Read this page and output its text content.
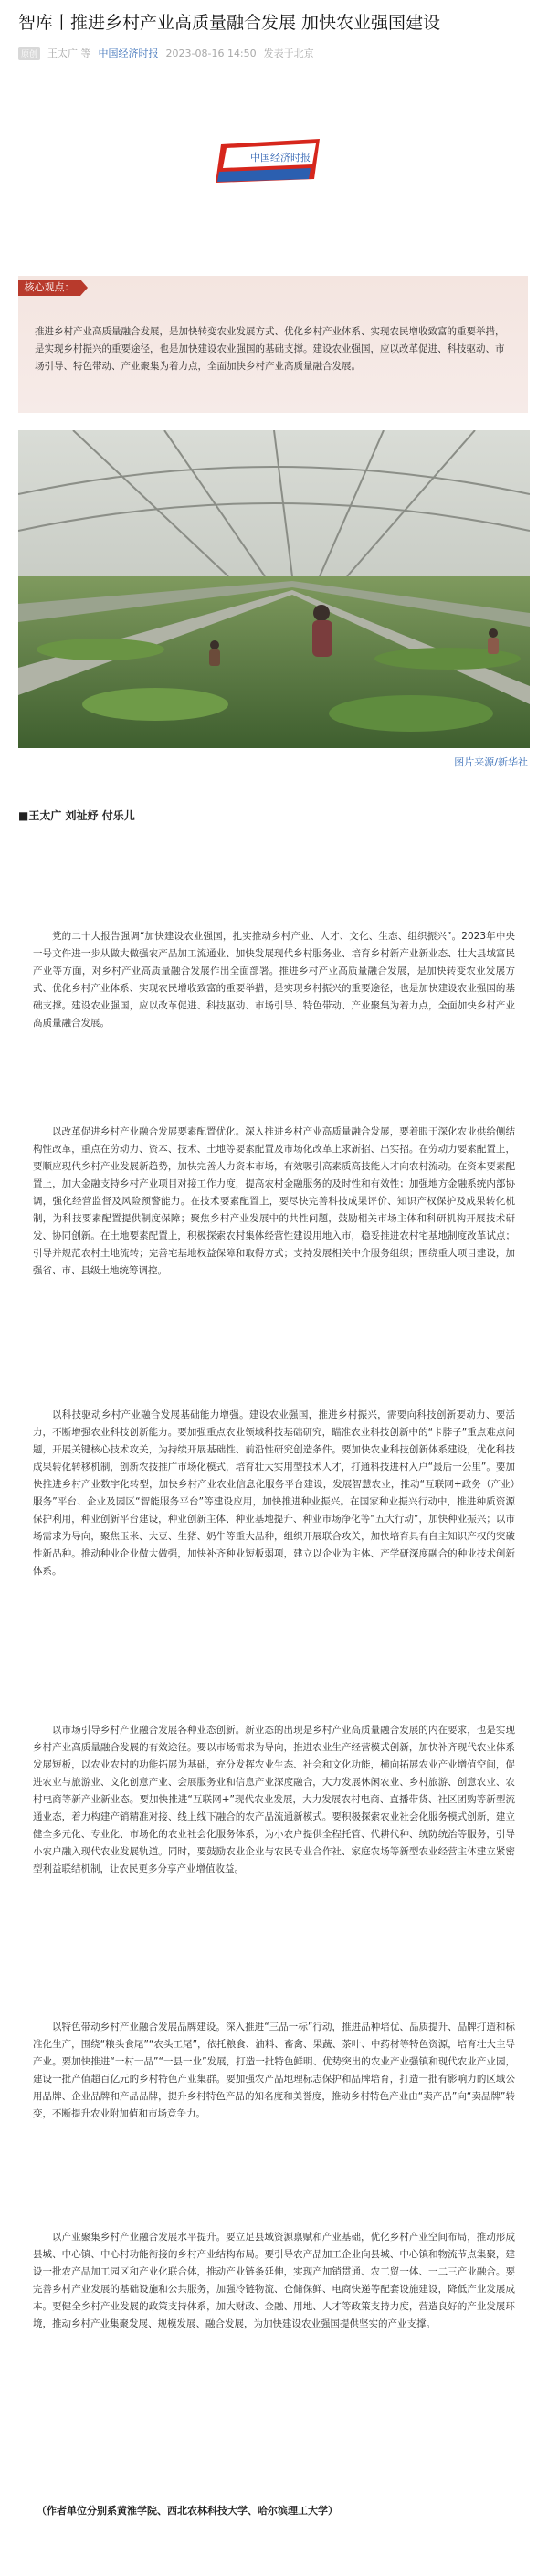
智库丨推进乡村产业高质量融合发展 加快农业强国建设
原创 王太广 等 中国经济时报 2023-08-16 14:50 发表于北京
中国经济时报
核心观点：

推进乡村产业高质量融合发展，是加快转变农业发展方式、优化乡村产业体系、实现农民增收致富的重要举措，是实现乡村振兴的重要途径，也是加快建设农业强国的基础支撑。建设农业强国，应以改革促进、科技驱动、市场引导、特色带动、产业聚集为着力点，全面加快乡村产业高质量融合发展。

图片来源/新华社
■王太广 刘祉妤 付乐儿

党的二十大报告强调“加快建设农业强国，扎实推动乡村产业、人才、文化、生态、组织振兴”。2023年中央一号文件进一步从做大做强农产品加工流通业、加快发展现代乡村服务业、培育乡村新产业新业态、壮大县域富民产业等方面，对乡村产业高质量融合发展作出全面部署。推进乡村产业高质量融合发展，是加快转变农业发展方式、优化乡村产业体系、实现农民增收致富的重要举措，是实现乡村振兴的重要途径，也是加快建设农业强国的基础支撑。建设农业强国，应以改革促进、科技驱动、市场引导、特色带动、产业聚集为着力点，全面加快乡村产业高质量融合发展。

以改革促进乡村产业融合发展要素配置优化。深入推进乡村产业高质量融合发展，要着眼于深化农业供给侧结构性改革，重点在劳动力、资本、技术、土地等要素配置及市场化改革上求新招、出实招。在劳动力要素配置上，要顺应现代乡村产业发展新趋势，加快完善人力资本市场，有效吸引高素质高技能人才向农村流动。在资本要素配置上，加大金融支持乡村产业项目对接工作力度，提高农村金融服务的及时性和有效性；加强地方金融系统内部协调，强化经营监督及风险预警能力。在技术要素配置上，要尽快完善科技成果评价、知识产权保护及成果转化机制，为科技要素配置提供制度保障；聚焦乡村产业发展中的共性问题，鼓励相关市场主体和科研机构开展技术研发、协同创新。在土地要素配置上，积极探索农村集体经营性建设用地入市，稳妥推进农村宅基地制度改革试点；引导并规范农村土地流转；完善宅基地权益保障和取得方式；支持发展相关中介服务组织；围绕重大项目建设，加强省、市、县级土地统筹调控。

以科技驱动乡村产业融合发展基础能力增强。建设农业强国，推进乡村振兴，需要向科技创新要动力、要活力，不断增强农业科技创新能力。要加强重点农业领域科技基础研究，瞄准农业科技创新中的“卡脖子”重点难点问题，开展关键核心技术攻关，为持续开展基础性、前沿性研究创造条件。要加快农业科技创新体系建设，优化科技成果转化转移机制，创新农技推广市场化模式，培育壮大实用型技术人才，打通科技进村入户“最后一公里”。要加快推进乡村产业数字化转型，加快乡村产业农业信息化服务平台建设，发展智慧农业，推动“互联网+政务（产业）服务”平台、企业及园区“智能服务平台”等建设应用，加快推进种业振兴。在国家种业振兴行动中，推进种质资源保护利用，种业创新平台建设，种业创新主体、种业基地提升、种业市场净化等“五大行动”，加快种业振兴；以市场需求为导向，聚焦玉米、大豆、生猪、奶牛等重大品种，组织开展联合攻关，加快培育具有自主知识产权的突破性新品种。推动种业企业做大做强，加快补齐种业短板弱项，建立以企业为主体、产学研深度融合的种业技术创新体系。

以市场引导乡村产业融合发展各种业态创新。新业态的出现是乡村产业高质量融合发展的内在要求，也是实现乡村产业高质量融合发展的有效途径。要以市场需求为导向，推进农业生产经营模式创新，加快补齐现代农业体系发展短板，以农业农村的功能拓展为基础，充分发挥农业生态、社会和文化功能，横向拓展农业产业增值空间，促进农业与旅游业、文化创意产业、会展服务业和信息产业深度融合，大力发展休闲农业、乡村旅游、创意农业、农村电商等新产业新业态。要加快推进“互联网+”现代农业发展，大力发展农村电商、直播带货、社区团购等新型流通业态，着力构建产销精准对接、线上线下融合的农产品流通新模式。要积极探索农业社会化服务模式创新，建立健全多元化、专业化、市场化的农业社会化服务体系，为小农户提供全程托管、代耕代种、统防统治等服务，引导小农户融入现代农业发展轨道。同时，要鼓励农业企业与农民专业合作社、家庭农场等新型农业经营主体建立紧密型利益联结机制，让农民更多分享产业增值收益。

以特色带动乡村产业融合发展品牌建设。深入推进“三品一标”行动，推进品种培优、品质提升、品牌打造和标准化生产，围绕“粮头食尾”“农头工尾”，依托粮食、油料、畜禽、果蔬、茶叶、中药材等特色资源，培育壮大主导产业。要加快推进“一村一品”“一县一业”发展，打造一批特色鲜明、优势突出的农业产业强镇和现代农业产业园，建设一批产值超百亿元的乡村特色产业集群。要加强农产品地理标志保护和品牌培育，打造一批有影响力的区域公用品牌、企业品牌和产品品牌，提升乡村特色产品的知名度和美誉度，推动乡村特色产业由“卖产品”向“卖品牌”转变，不断提升农业附加值和市场竞争力。

以产业聚集乡村产业融合发展水平提升。要立足县域资源禀赋和产业基础，优化乡村产业空间布局，推动形成县城、中心镇、中心村功能衔接的乡村产业结构布局。要引导农产品加工企业向县城、中心镇和物流节点集聚，建设一批农产品加工园区和产业化联合体，推动产业链条延伸，实现产加销贯通、农工贸一体、一二三产业融合。要完善乡村产业发展的基础设施和公共服务，加强冷链物流、仓储保鲜、电商快递等配套设施建设，降低产业发展成本。要健全乡村产业发展的政策支持体系，加大财政、金融、用地、人才等政策支持力度，营造良好的产业发展环境，推动乡村产业集聚发展、规模发展、融合发展，为加快建设农业强国提供坚实的产业支撑。

（作者单位分别系黄淮学院、西北农林科技大学、哈尔滨理工大学）
